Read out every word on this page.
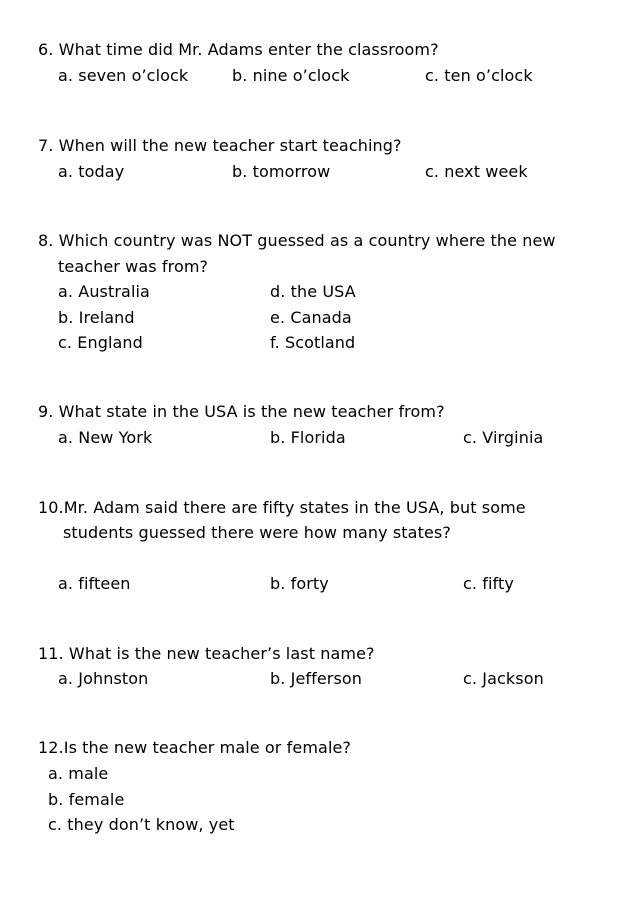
6. What time did Mr. Adams enter the classroom?
a. seven o’clock	b. nine o’clock	c. ten o’clock
7. When will the new teacher start teaching?
a. today	b. tomorrow	c. next week
8. Which country was NOT guessed as a country where the new
teacher was from?
a. Australia
b. Ireland
c. England
d. the USA
e. Canada
f. Scotland
9. What state in the USA is the new teacher from?
a. New York	b. Florida	c. Virginia
10.Mr. Adam said there are fifty states in the USA, but some
students guessed there were how many states?
a. fifteen	b. forty	c. fifty
11. What is the new teacher’s last name?
a. Johnston	b. Jefferson	c. Jackson
12.Is the new teacher male or female?
a. male
b. female
c. they don’t know, yet
